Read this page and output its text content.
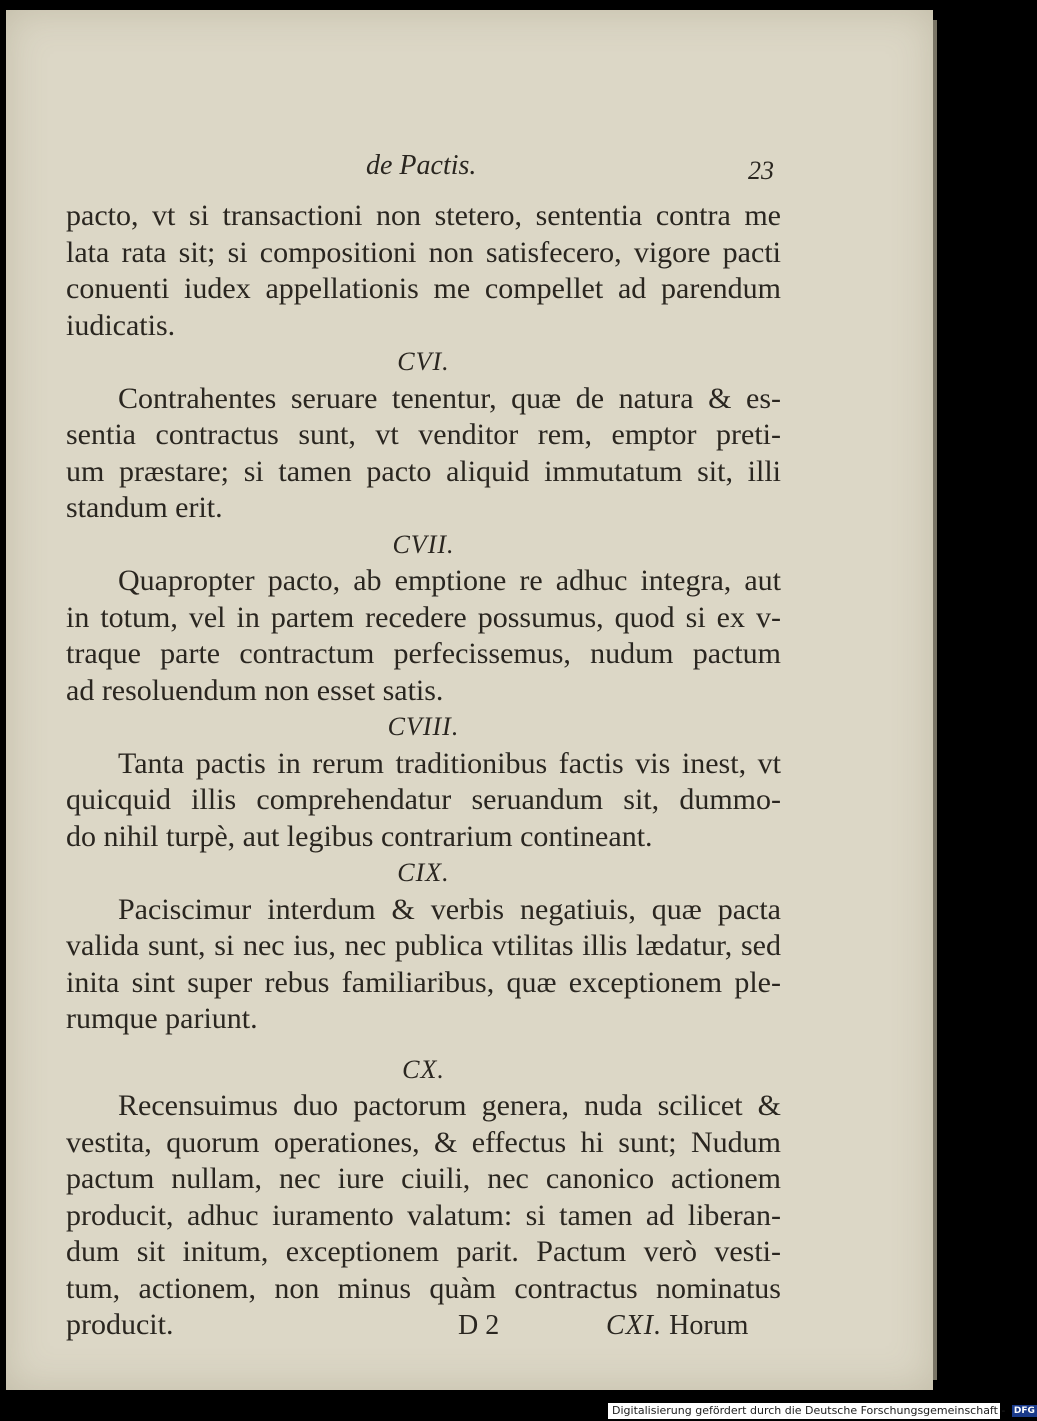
de Pactis.	23
pacto, vt si transactioni non stetero, sententia contra me
lata rata sit; si compositioni non satisfecero, vigore pacti
conuenti iudex appellationis me compellet ad parendum
iudicatis.
CVI.
Contrahentes seruare tenentur, quæ de natura & es-
sentia contractus sunt, vt venditor rem, emptor preti-
um præstare; si tamen pacto aliquid immutatum sit, illi
standum erit.
CVII.
Quapropter pacto, ab emptione re adhuc integra, aut
in totum, vel in partem recedere possumus, quod si ex v-
traque parte contractum perfecissemus, nudum pactum
ad resoluendum non esset satis.
CVIII.
Tanta pactis in rerum traditionibus factis vis inest, vt
quicquid illis comprehendatur seruandum sit, dummo-
do nihil turpè, aut legibus contrarium contineant.
CIX.
Paciscimur interdum & verbis negatiuis, quæ pacta
valida sunt, si nec ius, nec publica vtilitas illis lædatur, sed
inita sint super rebus familiaribus, quæ exceptionem ple-
rumque pariunt.
CX.
Recensuimus duo pactorum genera, nuda scilicet &
vestita, quorum operationes, & effectus hi sunt; Nudum
pactum nullam, nec iure ciuili, nec canonico actionem
producit, adhuc iuramento valatum: si tamen ad liberan-
dum sit initum, exceptionem parit. Pactum verò vesti-
tum, actionem, non minus quàm contractus nominatus
producit.	D 2	CXI. Horum
Digitalisierung gefördert durch die Deutsche Forschungsgemeinschaft - DFG
